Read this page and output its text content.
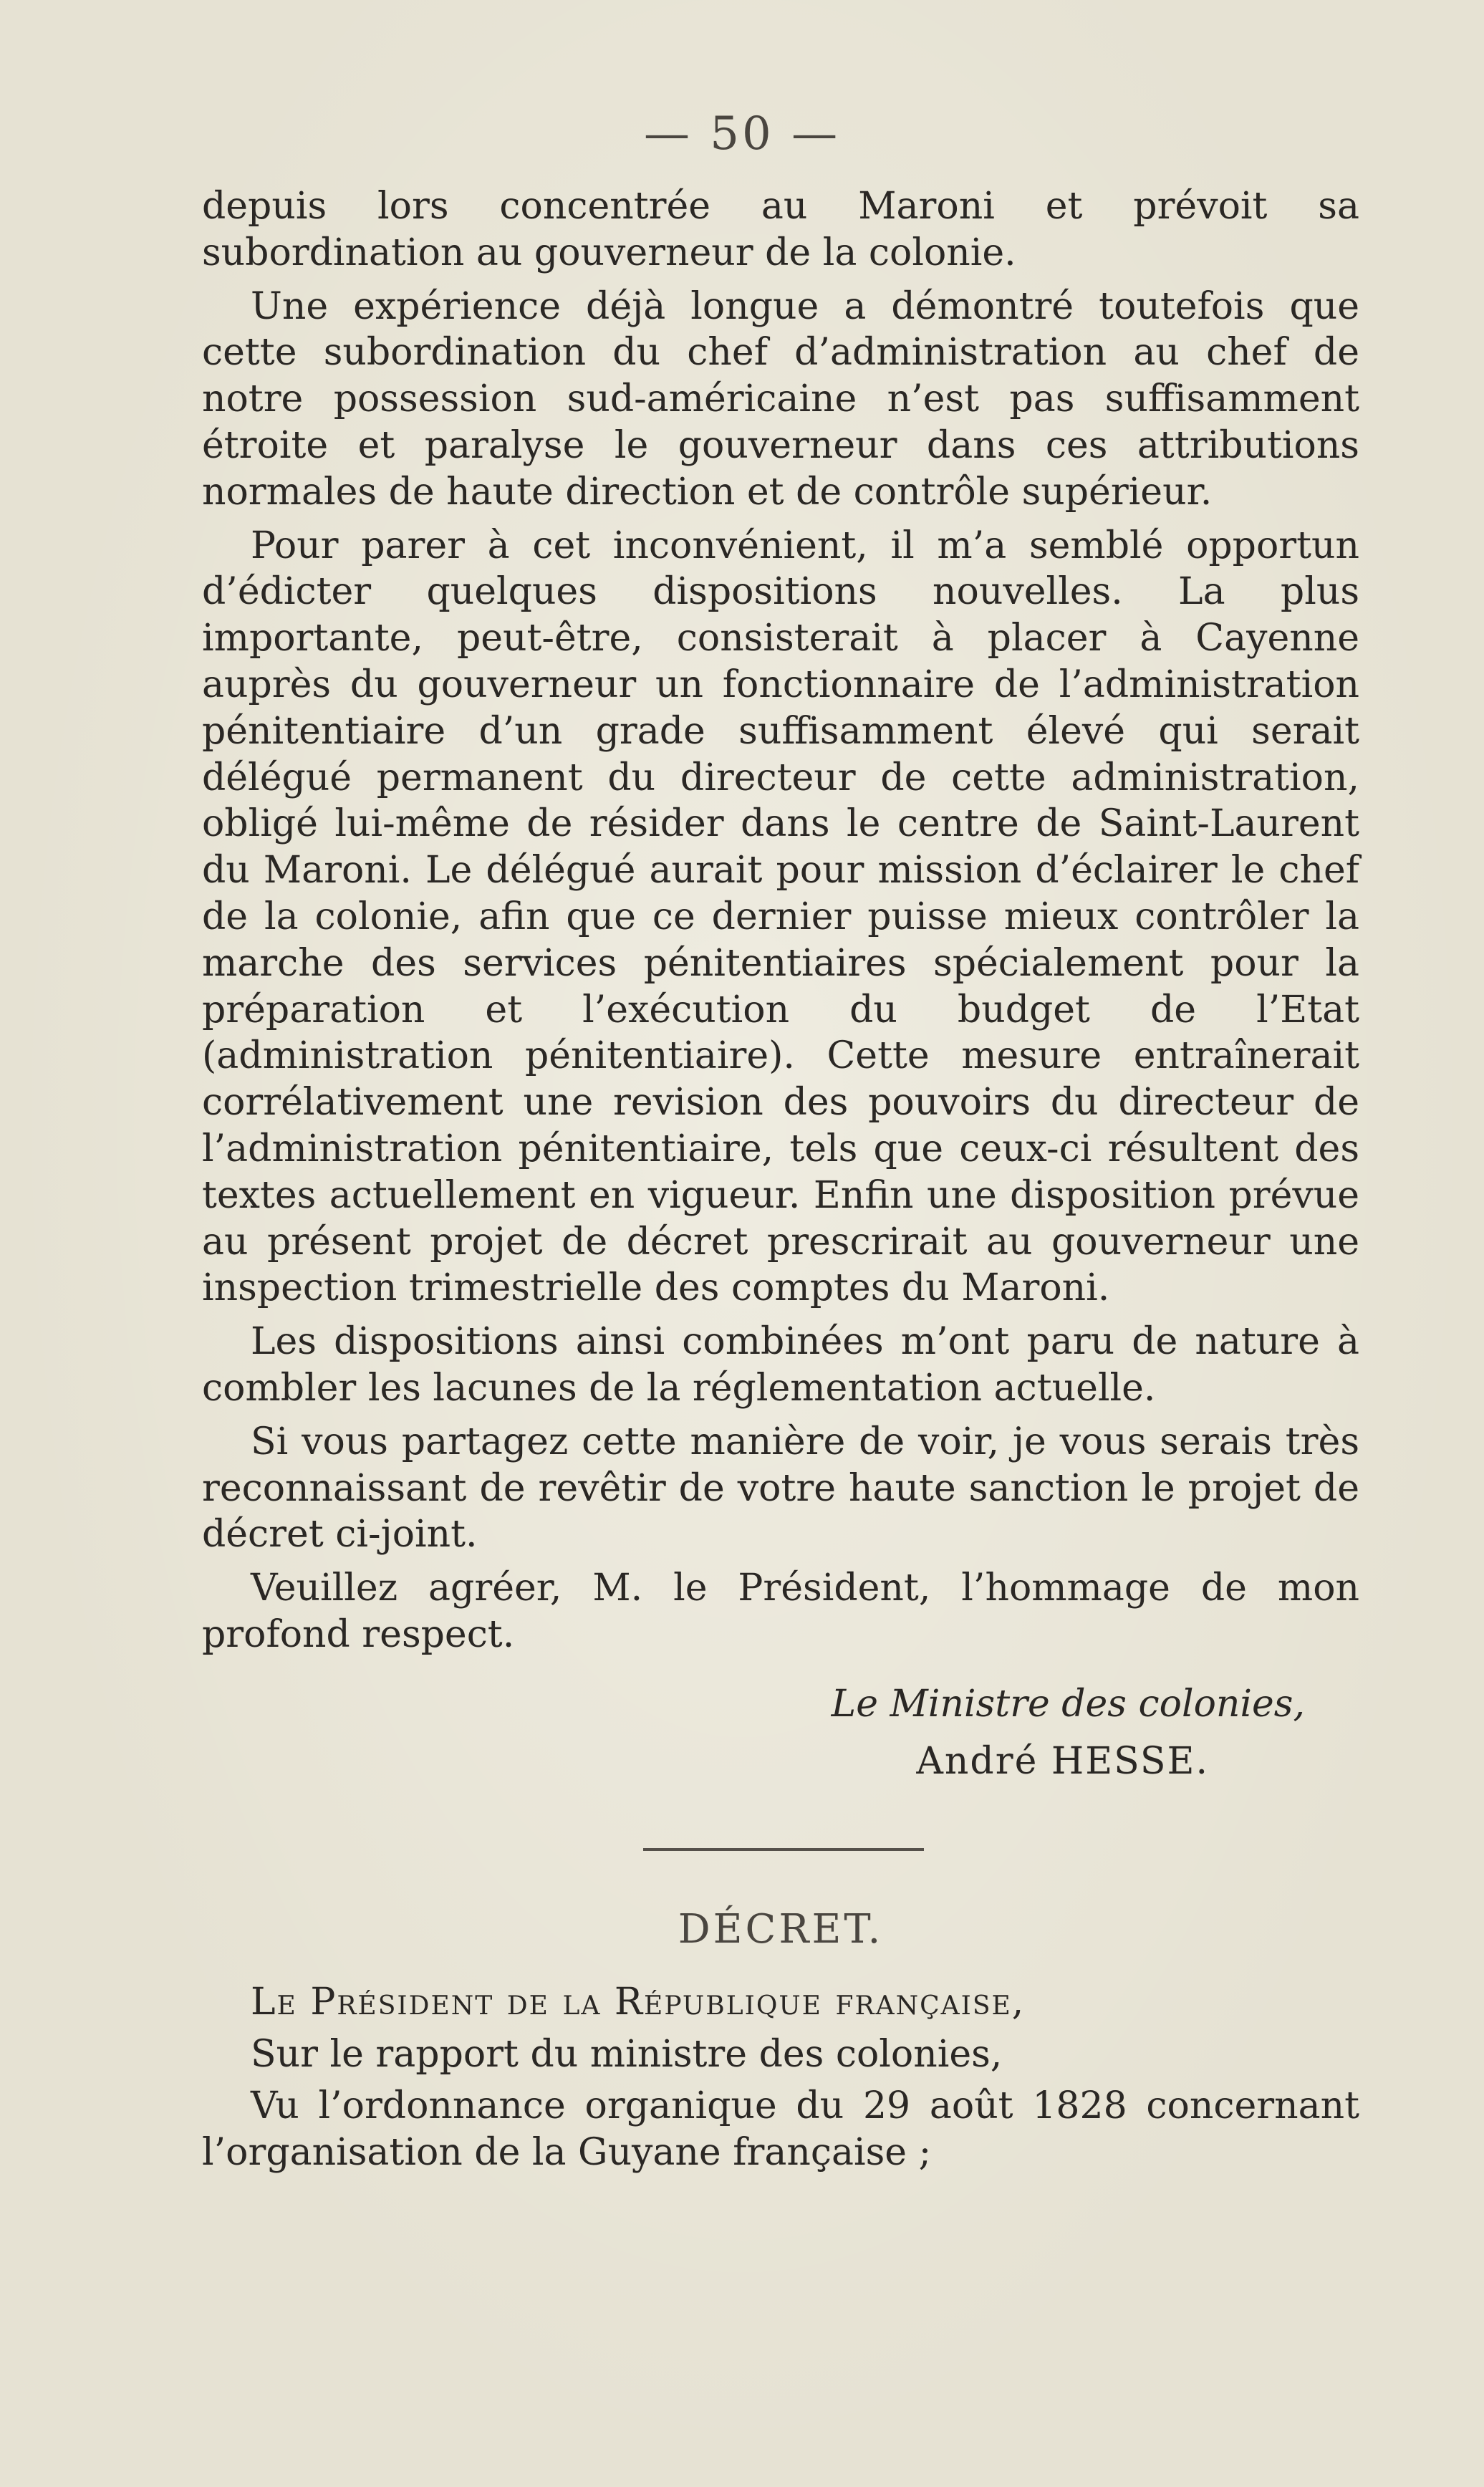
— 50 —

depuis lors concentrée au Maroni et prévoit sa subordination au gouverneur de la colonie.

Une expérience déjà longue a démontré toutefois que cette subordination du chef d’administration au chef de notre possession sud-américaine n’est pas suffisamment étroite et paralyse le gouverneur dans ces attributions normales de haute direction et de contrôle supérieur.

Pour parer à cet inconvénient, il m’a semblé opportun d’édicter quelques dispositions nouvelles. La plus importante, peut-être, consisterait à placer à Cayenne auprès du gouverneur un fonctionnaire de l’administration pénitentiaire d’un grade suffisamment élevé qui serait délégué permanent du directeur de cette administration, obligé lui-même de résider dans le centre de Saint-Laurent du Maroni. Le délégué aurait pour mission d’éclairer le chef de la colonie, afin que ce dernier puisse mieux contrôler la marche des services pénitentiaires spécialement pour la préparation et l’exécution du budget de l’Etat (administration pénitentiaire). Cette mesure entraînerait corrélativement une revision des pouvoirs du directeur de l’administration pénitentiaire, tels que ceux-ci résultent des textes actuellement en vigueur. Enfin une disposition prévue au présent projet de décret prescrirait au gouverneur une inspection trimestrielle des comptes du Maroni.

Les dispositions ainsi combinées m’ont paru de nature à combler les lacunes de la réglementation actuelle.

Si vous partagez cette manière de voir, je vous serais très reconnaissant de revêtir de votre haute sanction le projet de décret ci-joint.

Veuillez agréer, M. le Président, l’hommage de mon profond respect.

Le Ministre des colonies,
André HESSE.
DÉCRET.

Le Président de la République française,

Sur le rapport du ministre des colonies,

Vu l’ordonnance organique du 29 août 1828 concernant l’organisation de la Guyane française ;
